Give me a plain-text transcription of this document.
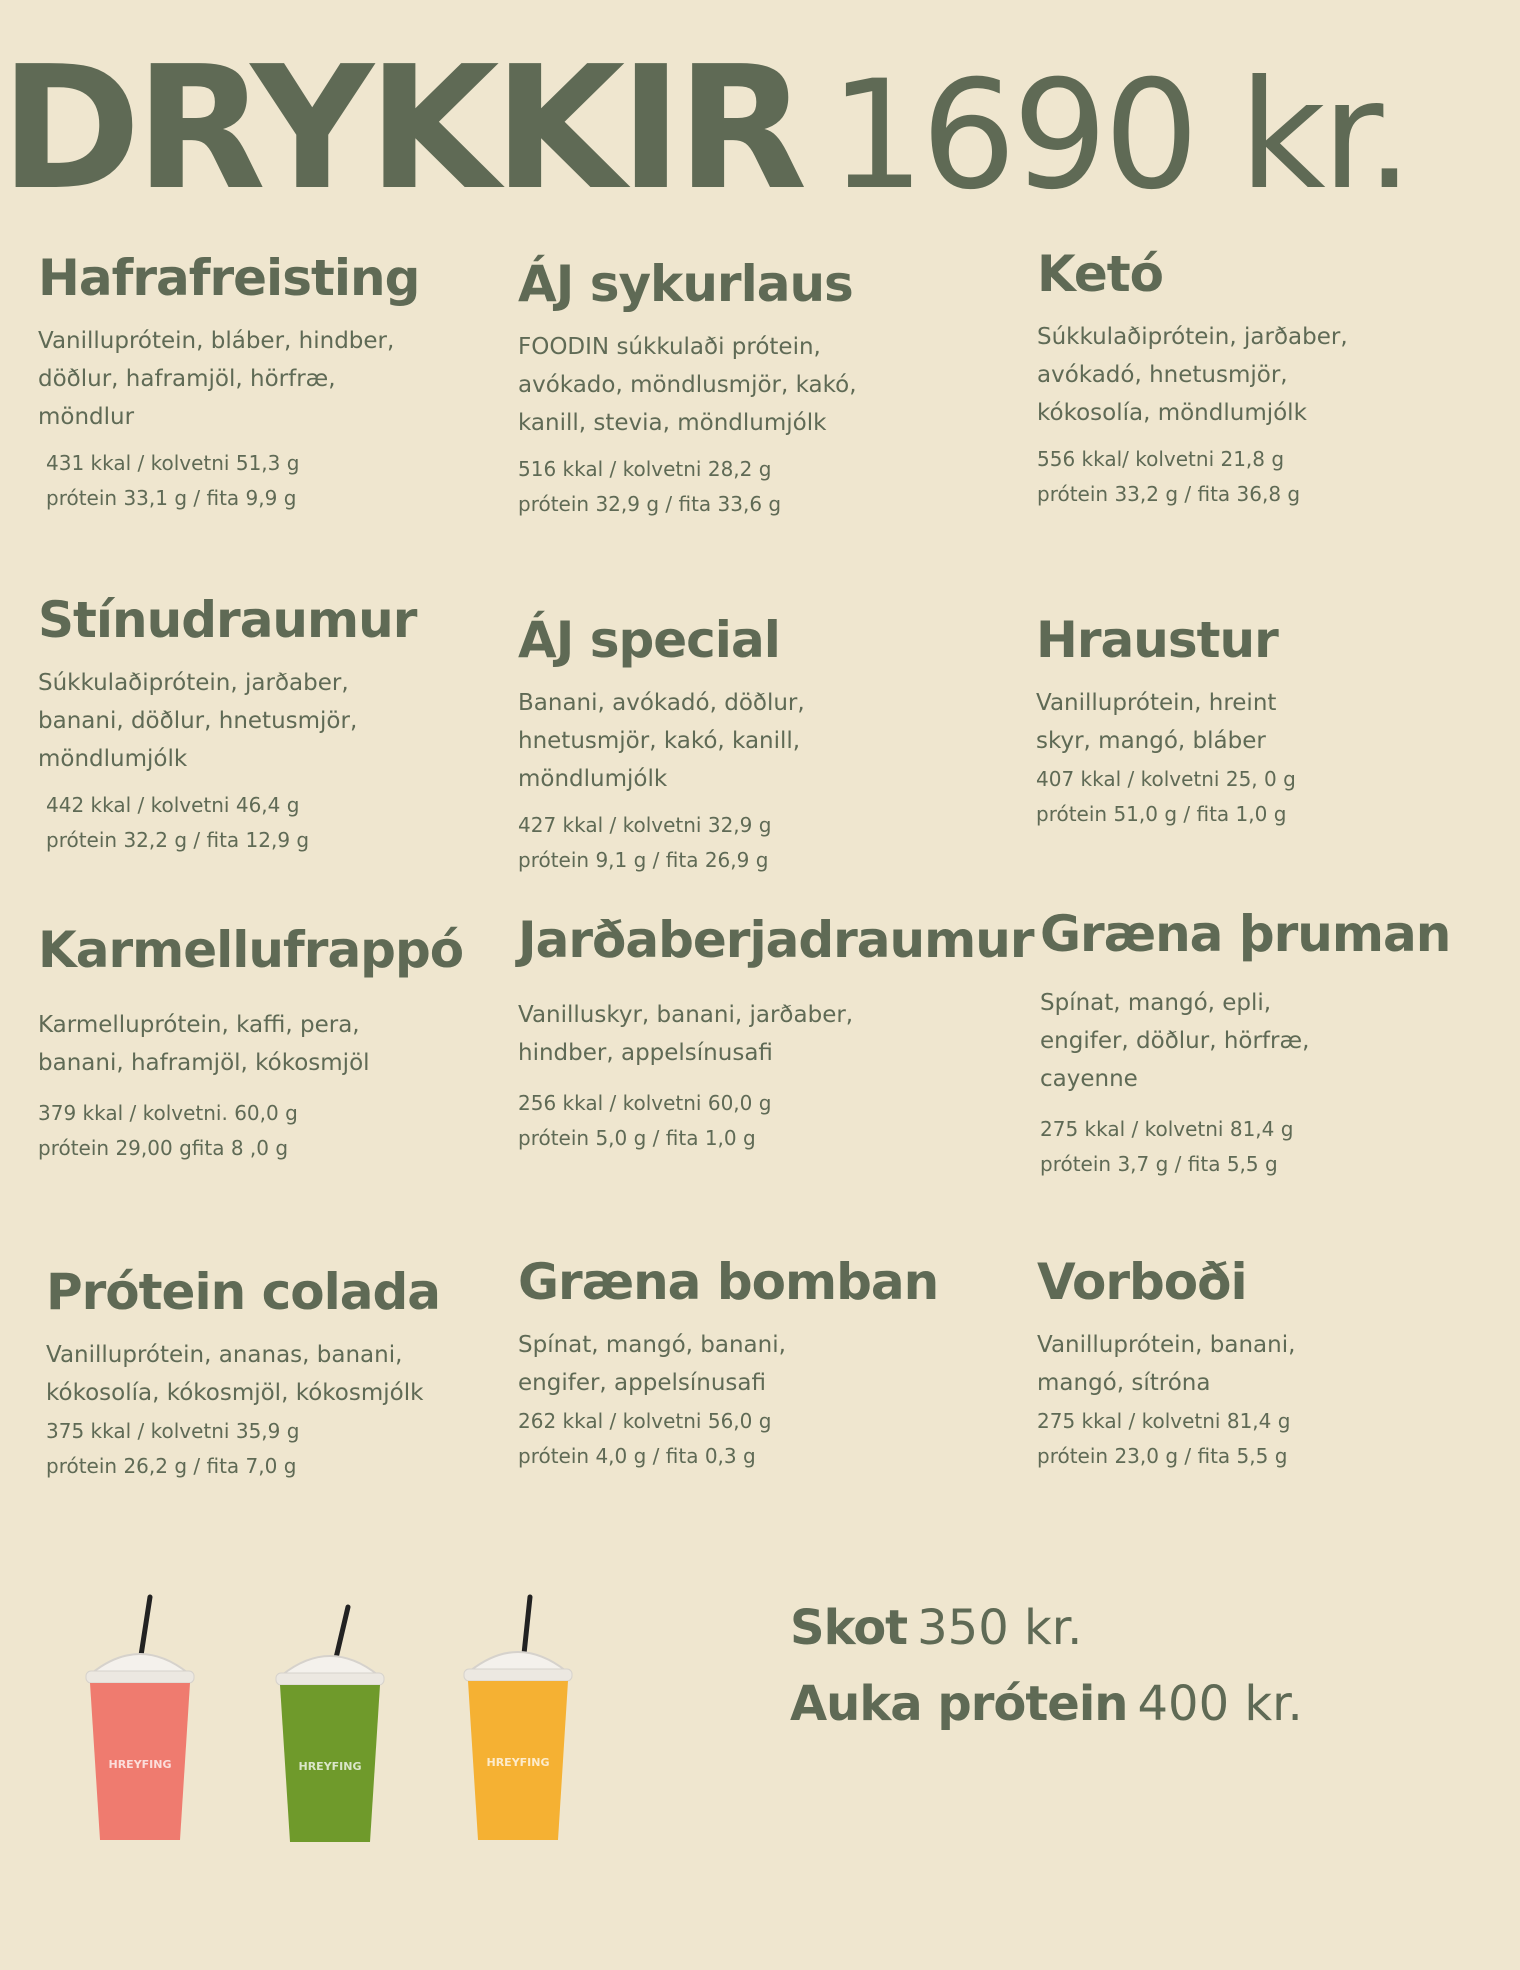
DRYKKIR 1690 kr.
Hafrafreisting

Vanilluprótein, bláber, hindber, döðlur, haframjöl, hörfræ, möndlur

431 kkal / kolvetni 51,3 g
prótein 33,1 g / fita 9,9 g
ÁJ sykurlaus

FOODIN súkkulaði prótein, avókado, möndlusmjör, kakó, kanill, stevia, möndlumjólk

516 kkal / kolvetni 28,2 g
prótein 32,9 g / fita 33,6 g
Ketó

Súkkulaðiprótein, jarðaber, avókadó, hnetusmjör, kókosolía, möndlumjólk

556 kkal/ kolvetni 21,8 g
prótein 33,2 g / fita 36,8 g
Stínudraumur

Súkkulaðiprótein, jarðaber, banani, döðlur, hnetusmjör, möndlumjólk

442 kkal / kolvetni 46,4 g
prótein 32,2 g / fita 12,9 g
ÁJ special

Banani, avókadó, döðlur, hnetusmjör, kakó, kanill, möndlumjólk

427 kkal / kolvetni 32,9 g
prótein 9,1 g / fita 26,9 g
Hraustur

Vanilluprótein, hreint skyr, mangó, bláber

407 kkal / kolvetni 25, 0 g
prótein 51,0 g / fita 1,0 g
Karmellufrappó

Karmelluprótein, kaffi, pera, banani, haframjöl, kókosmjöl

379 kkal / kolvetni. 60,0 g
prótein 29,00 gfita 8 ,0 g
Jarðaberjadraumur

Vanilluskyr, banani, jarðaber, hindber, appelsínusafi

256 kkal / kolvetni 60,0 g
prótein 5,0 g / fita 1,0 g
Græna þruman

Spínat, mangó, epli, engifer, döðlur, hörfræ, cayenne

275 kkal / kolvetni 81,4 g
prótein 3,7 g / fita 5,5 g
Prótein colada

Vanilluprótein, ananas, banani, kókosolía, kókosmjöl, kókosmjólk

375 kkal / kolvetni 35,9 g
prótein 26,2 g / fita 7,0 g
Græna bomban

Spínat, mangó, banani, engifer, appelsínusafi

262 kkal / kolvetni 56,0 g
prótein 4,0 g / fita 0,3 g
Vorboði

Vanilluprótein, banani, mangó, sítróna

275 kkal / kolvetni 81,4 g
prótein 23,0 g / fita 5,5 g
HREYFING	HREYFING	HREYFING
Skot 350 kr.
Auka prótein 400 kr.
